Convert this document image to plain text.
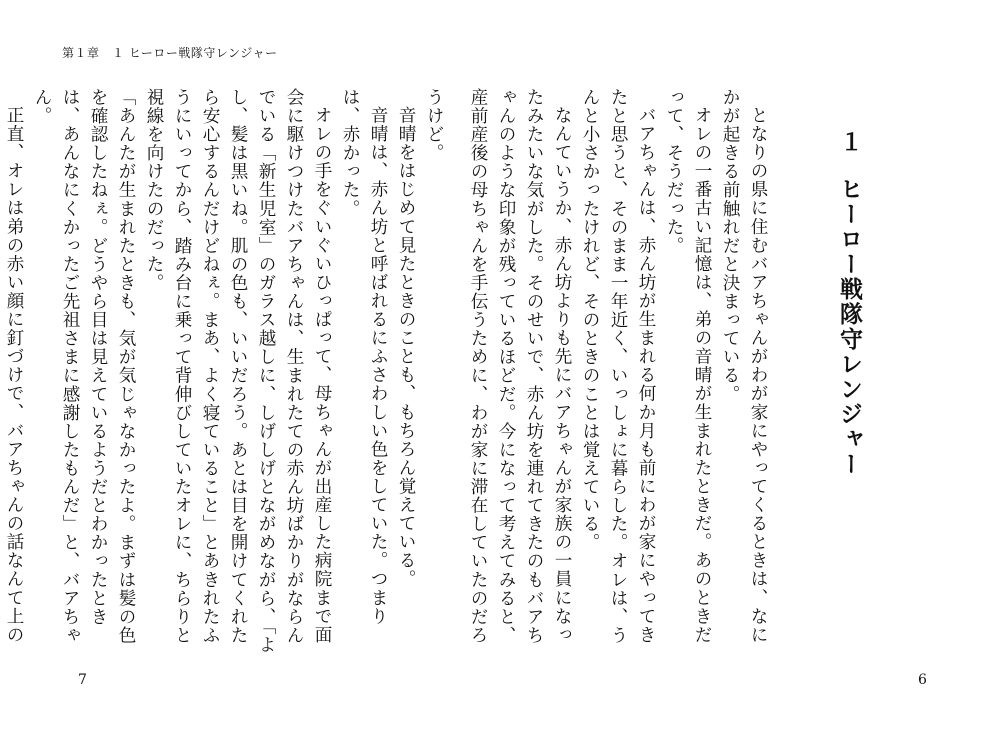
第１章　１ ヒーロー戦隊守レンジャー

うけど。

音晴をはじめて見たときのことも、もちろん覚えている。

音晴は、赤ん坊と呼ばれるにふさわしい色をしていた。つまりは、赤かった。

オレの手をぐいぐいひっぱって、母ちゃんが出産した病院まで面会に駆けつけたバアちゃんは、生まれたての赤ん坊ばかりがならんでいる「新生児室」のガラス越しに、しげしげとながめながら、「よし、髪は黒いね。肌の色も、いいだろう。あとは目を開けてくれたら安心するんだけどねぇ。まあ、よく寝ていること」とあきれたふうにいってから、踏み台に乗って背伸びしていたオレに、ちらりと視線を向けたのだった。

「あんたが生まれたときも、気が気じゃなかったよ。まずは髪の色を確認したねぇ。どうやら目は見えているようだとわかったときは、あんなにくかったご先祖さまに感謝したもんだ」と、バアちゃん。

正直、オレは弟の赤い顔に釘づけで、バアちゃんの話なんて上の

7
１ヒーロー戦隊守レンジャー

となりの県に住むバアちゃんがわが家にやってくるときは、なにかが起きる前触れだと決まっている。

オレの一番古い記憶は、弟の音晴が生まれたときだ。あのときだって、そうだった。

バアちゃんは、赤ん坊が生まれる何か月も前にわが家にやってきたと思うと、そのまま一年近く、いっしょに暮らした。オレは、うんと小さかったけれど、そのときのことは覚えている。

なんていうか、赤ん坊よりも先にバアちゃんが家族の一員になったみたいな気がした。そのせいで、赤ん坊を連れてきたのもバアちゃんのような印象が残っているほどだ。今になって考えてみると、産前産後の母ちゃんを手伝うために、わが家に滞在していたのだろ

6
